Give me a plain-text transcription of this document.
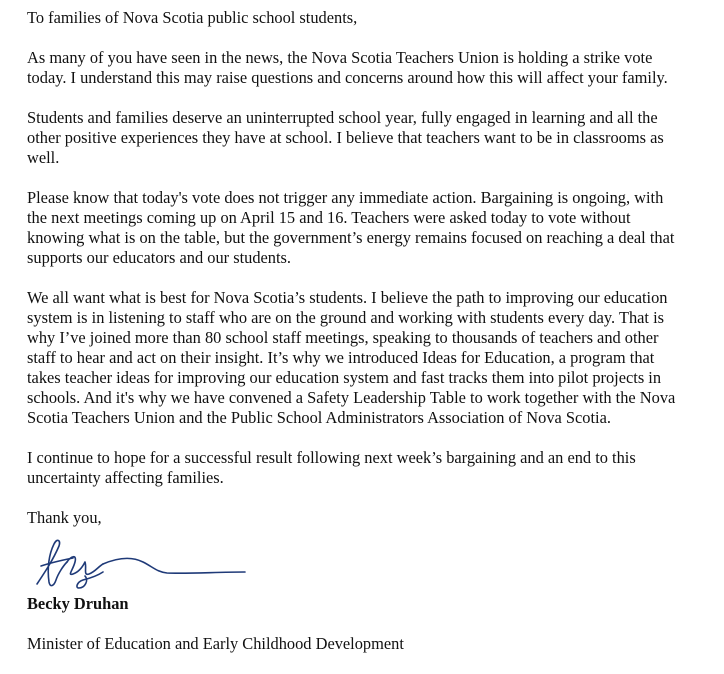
To families of Nova Scotia public school students,

As many of you have seen in the news, the Nova Scotia Teachers Union is holding a strike vote
today. I understand this may raise questions and concerns around how this will affect your family.

Students and families deserve an uninterrupted school year, fully engaged in learning and all the
other positive experiences they have at school. I believe that teachers want to be in classrooms as
well.

Please know that today's vote does not trigger any immediate action. Bargaining is ongoing, with
the next meetings coming up on April 15 and 16. Teachers were asked today to vote without
knowing what is on the table, but the government’s energy remains focused on reaching a deal that
supports our educators and our students.

We all want what is best for Nova Scotia’s students. I believe the path to improving our education
system is in listening to staff who are on the ground and working with students every day. That is
why I’ve joined more than 80 school staff meetings, speaking to thousands of teachers and other
staff to hear and act on their insight. It’s why we introduced Ideas for Education, a program that
takes teacher ideas for improving our education system and fast tracks them into pilot projects in
schools. And it's why we have convened a Safety Leadership Table to work together with the Nova
Scotia Teachers Union and the Public School Administrators Association of Nova Scotia.

I continue to hope for a successful result following next week’s bargaining and an end to this
uncertainty affecting families.

Thank you,

Becky Druhan

Minister of Education and Early Childhood Development
